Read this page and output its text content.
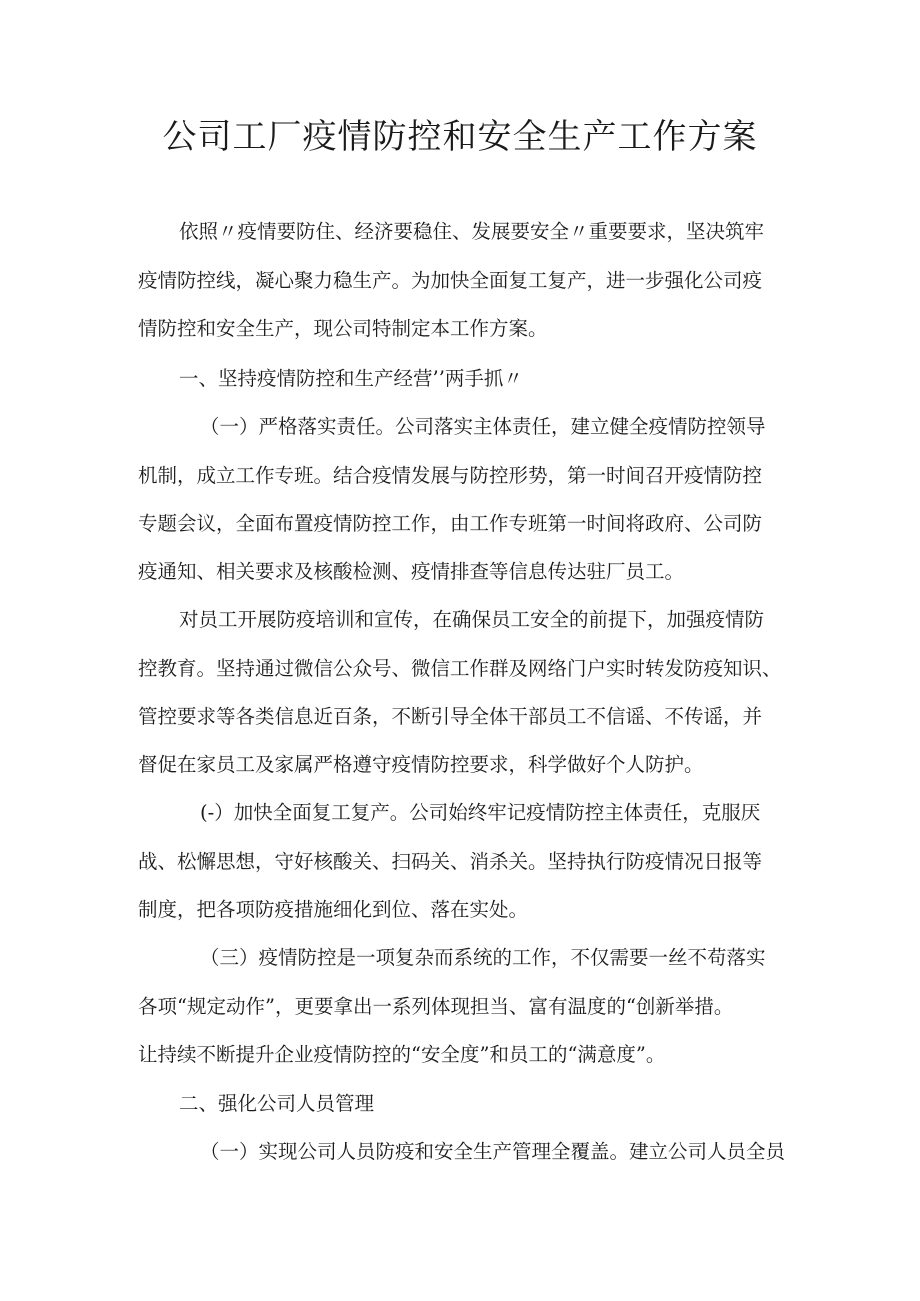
公司工厂疫情防控和安全生产工作方案

依照〃疫情要防住、经济要稳住、发展要安全〃重要要求，坚决筑牢

疫情防控线，凝心聚力稳生产。为加快全面复工复产，进一步强化公司疫

情防控和安全生产，现公司特制定本工作方案。

一、坚持疫情防控和生产经营’’两手抓〃

（一）严格落实责任。公司落实主体责任，建立健全疫情防控领导

机制，成立工作专班。结合疫情发展与防控形势，第一时间召开疫情防控

专题会议，全面布置疫情防控工作，由工作专班第一时间将政府、公司防

疫通知、相关要求及核酸检测、疫情排查等信息传达驻厂员工。

对员工开展防疫培训和宣传，在确保员工安全的前提下，加强疫情防

控教育。坚持通过微信公众号、微信工作群及网络门户实时转发防疫知识、

管控要求等各类信息近百条，不断引导全体干部员工不信谣、不传谣，并

督促在家员工及家属严格遵守疫情防控要求，科学做好个人防护。

(-）加快全面复工复产。公司始终牢记疫情防控主体责任，克服厌

战、松懈思想，守好核酸关、扫码关、消杀关。坚持执行防疫情况日报等

制度，把各项防疫措施细化到位、落在实处。

（三）疫情防控是一项复杂而系统的工作，不仅需要一丝不苟落实

各项“规定动作”，更要拿出一系列体现担当、富有温度的“创新举措。

让持续不断提升企业疫情防控的“安全度”和员工的“满意度”。

二、强化公司人员管理

（一）实现公司人员防疫和安全生产管理全覆盖。建立公司人员全员
